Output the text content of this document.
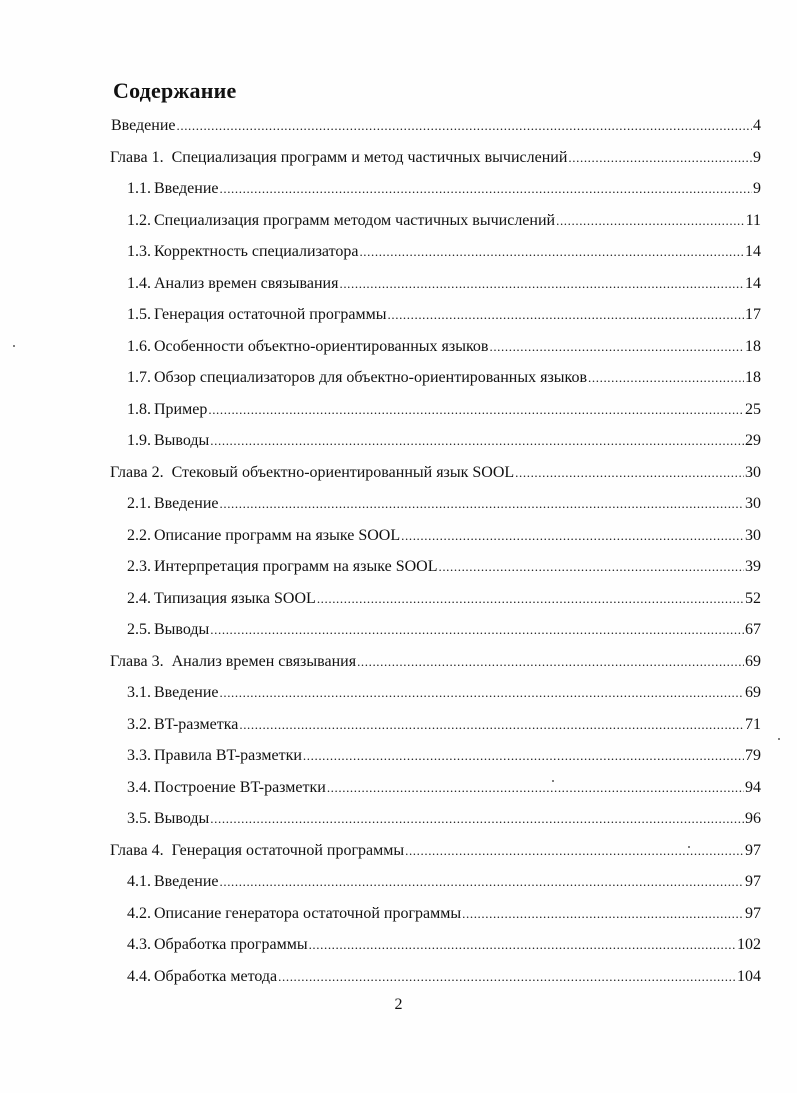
Содержание
Введение .....	4
Глава 1. Специализация программ и метод частичных вычислений .....	9
1.1. Введение .....	9
1.2. Специализация программ методом частичных вычислений .....	11
1.3. Корректность специализатора .....	14
1.4. Анализ времен связывания .....	14
1.5. Генерация остаточной программы .....	17
1.6. Особенности объектно-ориентированных языков .....	18
1.7. Обзор специализаторов для объектно-ориентированных языков .....	18
1.8. Пример .....	25
1.9. Выводы .....	29
Глава 2. Стековый объектно-ориентированный язык SOOL .....	30
2.1. Введение .....	30
2.2. Описание программ на языке SOOL .....	30
2.3. Интерпретация программ на языке SOOL .....	39
2.4. Типизация языка SOOL .....	52
2.5. Выводы .....	67
Глава 3. Анализ времен связывания .....	69
3.1. Введение .....	69
3.2. BT-разметка .....	71
3.3. Правила BT-разметки .....	79
3.4. Построение BT-разметки .....	94
3.5. Выводы .....	96
Глава 4. Генерация остаточной программы .....	97
4.1. Введение .....	97
4.2. Описание генератора остаточной программы .....	97
4.3. Обработка программы .....	102
4.4. Обработка метода .....	104
2
